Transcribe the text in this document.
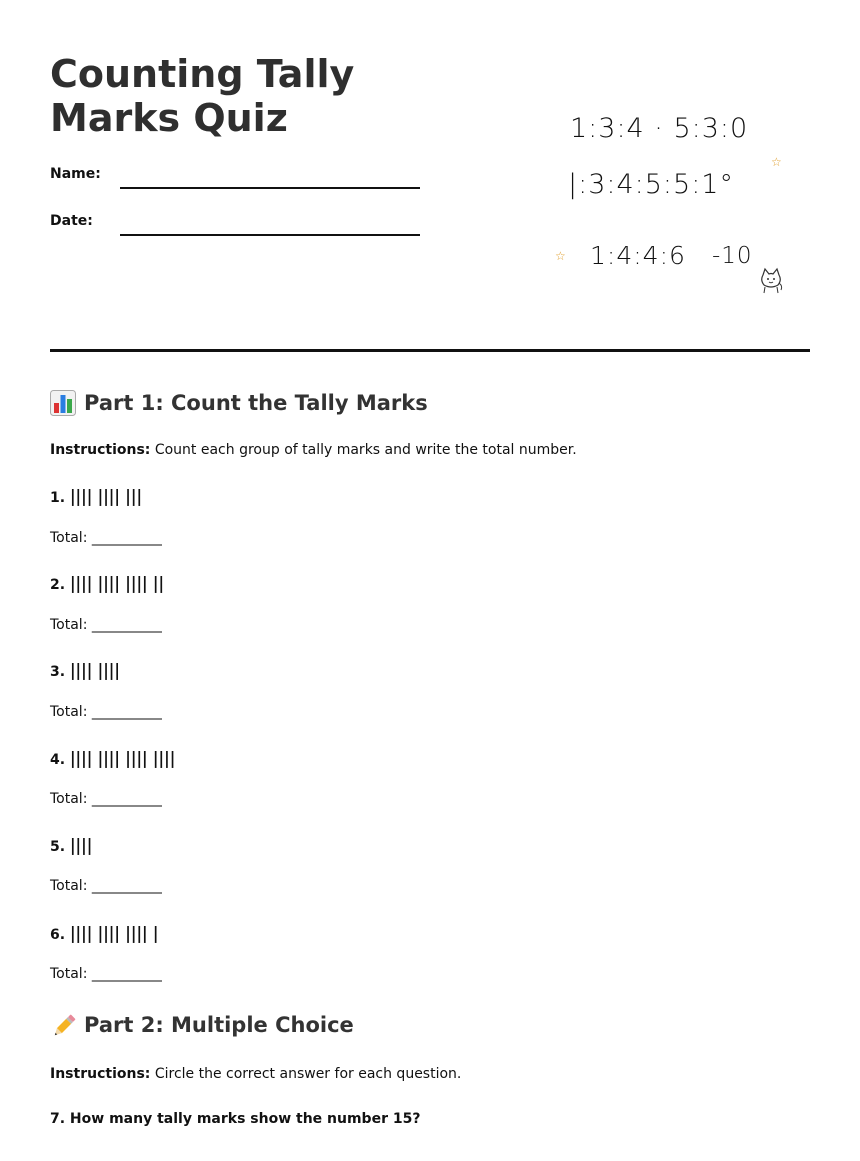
Counting Tally Marks Quiz
Name:
Date:
1:3:4 · 5:3:0
|:3:4:5:5:1°
1:4:4:6 -10
☆
☆
Part 1: Count the Tally Marks
Instructions: Count each group of tally marks and write the total number.
1. |||| |||| |||
Total: __________
2. |||| |||| |||| ||
Total: __________
3. |||| ||||
Total: __________
4. |||| |||| |||| ||||
Total: __________
5. ||||
Total: __________
6. |||| |||| |||| |
Total: __________
Part 2: Multiple Choice
Instructions: Circle the correct answer for each question.
7. How many tally marks show the number 15?
